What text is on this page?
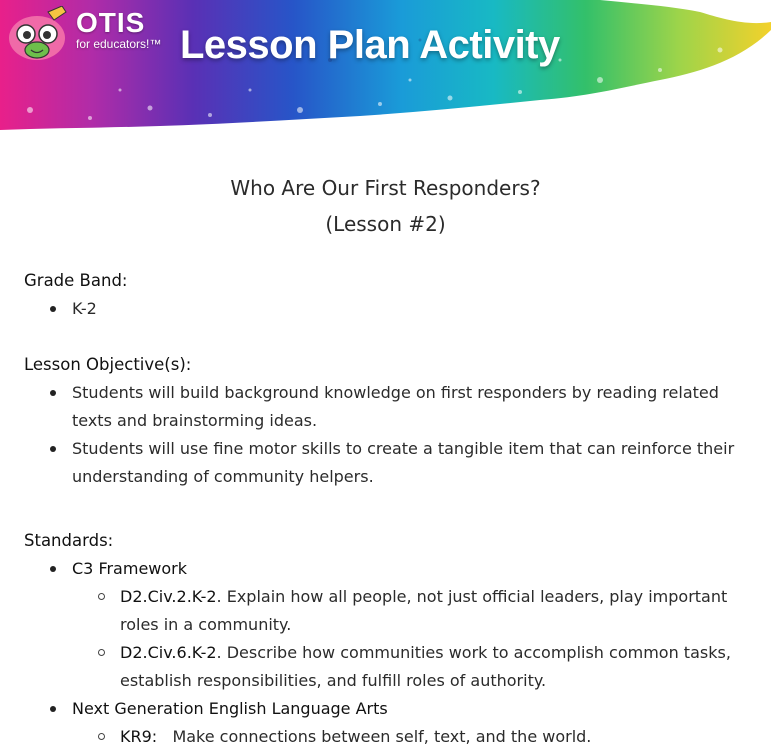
OTIS
for educators!™ Lesson Plan Activity
Who Are Our First Responders?
(Lesson #2)

Grade Band:

K-2

Lesson Objective(s):

Students will build background knowledge on first responders by reading related texts and brainstorming ideas.
Students will use fine motor skills to create a tangible item that can reinforce their understanding of community helpers.

Standards:

C3 Framework
D2.Civ.2.K-2. Explain how all people, not just official leaders, play important roles in a community.
D2.Civ.6.K-2. Describe how communities work to accomplish common tasks, establish responsibilities, and fulfill roles of authority.
Next Generation English Language Arts
KR9:   Make connections between self, text, and the world.
